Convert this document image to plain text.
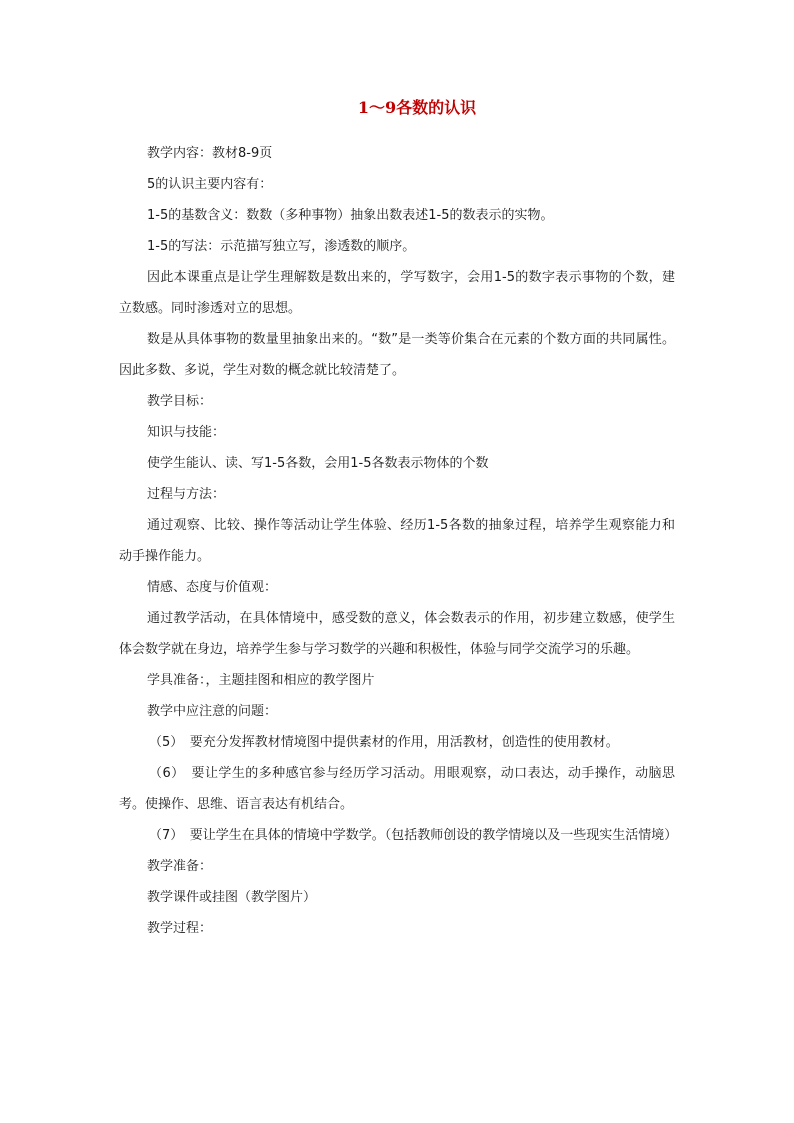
1～9各数的认识

教学内容：教材8-9页

5的认识主要内容有：

1-5的基数含义：数数（多种事物）抽象出数表述1-5的数表示的实物。

1-5的写法：示范描写独立写，渗透数的顺序。

因此本课重点是让学生理解数是数出来的，学写数字，会用1-5的数字表示事物的个数，建立数感。同时渗透对立的思想。

数是从具体事物的数量里抽象出来的。“数”是一类等价集合在元素的个数方面的共同属性。因此多数、多说，学生对数的概念就比较清楚了。

教学目标：

知识与技能：

使学生能认、读、写1-5各数，会用1-5各数表示物体的个数

过程与方法：

通过观察、比较、操作等活动让学生体验、经历1-5各数的抽象过程，培养学生观察能力和动手操作能力。

情感、态度与价值观：

通过教学活动，在具体情境中，感受数的意义，体会数表示的作用，初步建立数感，使学生体会数学就在身边，培养学生参与学习数学的兴趣和积极性，体验与同学交流学习的乐趣。

学具准备：，主题挂图和相应的教学图片

教学中应注意的问题：

（5）　要充分发挥教材情境图中提供素材的作用，用活教材，创造性的使用教材。

（6）　要让学生的多种感官参与经历学习活动。用眼观察，动口表达，动手操作，动脑思考。使操作、思维、语言表达有机结合。

（7）　要让学生在具体的情境中学数学。（包括教师创设的教学情境以及一些现实生活情境）

教学准备：

教学课件或挂图（教学图片）

教学过程：
